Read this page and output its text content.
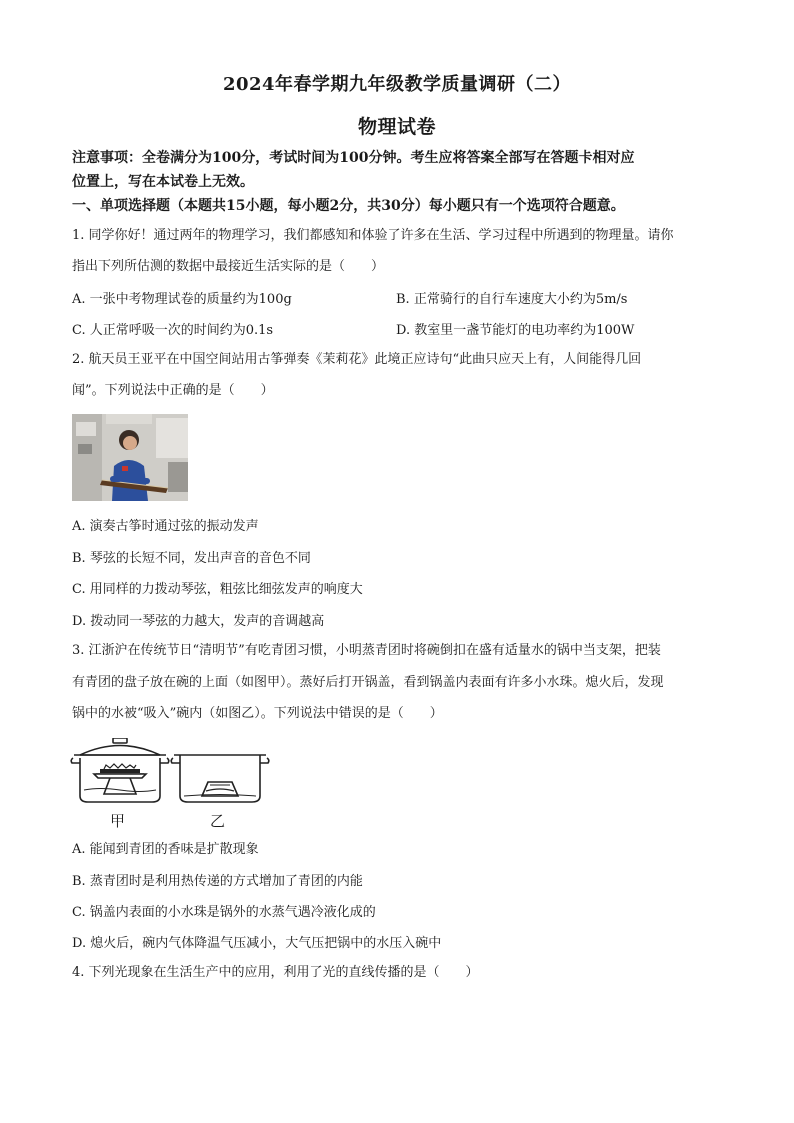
2024年春学期九年级教学质量调研（二）
物理试卷
注意事项：全卷满分为100分，考试时间为100分钟。考生应将答案全部写在答题卡相对应
位置上，写在本试卷上无效。
一、单项选择题（本题共15小题，每小题2分，共30分）每小题只有一个选项符合题意。
1. 同学你好！通过两年的物理学习，我们都感知和体验了许多在生活、学习过程中所遇到的物理量。请你
指出下列所估测的数据中最接近生活实际的是（　　）
A. 一张中考物理试卷的质量约为100g	B. 正常骑行的自行车速度大小约为5m/s
C. 人正常呼吸一次的时间约为0.1s	D. 教室里一盏节能灯的电功率约为100W
2. 航天员王亚平在中国空间站用古筝弹奏《茉莉花》此境正应诗句“此曲只应天上有，人间能得几回
闻”。下列说法中正确的是（　　）
A. 演奏古筝时通过弦的振动发声
B. 琴弦的长短不同，发出声音的音色不同
C. 用同样的力拨动琴弦，粗弦比细弦发声的响度大
D. 拨动同一琴弦的力越大，发声的音调越高
3. 江浙沪在传统节日“清明节”有吃青团习惯，小明蒸青团时将碗倒扣在盛有适量水的锅中当支架，把装
有青团的盘子放在碗的上面（如图甲）。蒸好后打开锅盖，看到锅盖内表面有许多小水珠。熄火后，发现
锅中的水被“吸入”碗内（如图乙）。下列说法中错误的是（　　）
甲	乙
A. 能闻到青团的香味是扩散现象
B. 蒸青团时是利用热传递的方式增加了青团的内能
C. 锅盖内表面的小水珠是锅外的水蒸气遇冷液化成的
D. 熄火后，碗内气体降温气压减小，大气压把锅中的水压入碗中
4. 下列光现象在生活生产中的应用，利用了光的直线传播的是（　　）
